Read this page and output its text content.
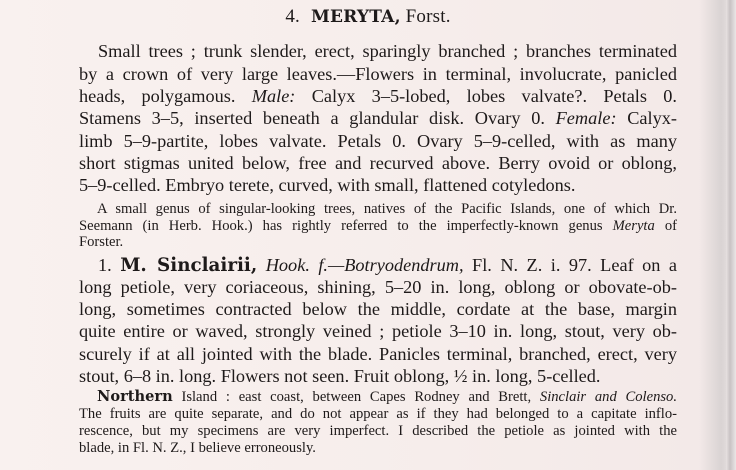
4. MERYTA, Forst.
Small trees ; trunk slender, erect, sparingly branched ; branches terminated
by a crown of very large leaves.—Flowers in terminal, involucrate, panicled
heads, polygamous. Male: Calyx 3–5-lobed, lobes valvate?. Petals 0.
Stamens 3–5, inserted beneath a glandular disk. Ovary 0. Female: Calyx-
limb 5–9-partite, lobes valvate. Petals 0. Ovary 5–9-celled, with as many
short stigmas united below, free and recurved above. Berry ovoid or oblong,
5–9-celled. Embryo terete, curved, with small, flattened cotyledons.
A small genus of singular-looking trees, natives of the Pacific Islands, one of which Dr.
Seemann (in Herb. Hook.) has rightly referred to the imperfectly-known genus Meryta of
Forster.
1. M. Sinclairii, Hook. f.—Botryodendrum, Fl. N. Z. i. 97. Leaf on a
long petiole, very coriaceous, shining, 5–20 in. long, oblong or obovate-ob-
long, sometimes contracted below the middle, cordate at the base, margin
quite entire or waved, strongly veined ; petiole 3–10 in. long, stout, very ob-
scurely if at all jointed with the blade. Panicles terminal, branched, erect, very
stout, 6–8 in. long. Flowers not seen. Fruit oblong, ½ in. long, 5-celled.
Northern Island : east coast, between Capes Rodney and Brett, Sinclair and Colenso.
The fruits are quite separate, and do not appear as if they had belonged to a capitate inflo-
rescence, but my specimens are very imperfect. I described the petiole as jointed with the
blade, in Fl. N. Z., I believe erroneously.
